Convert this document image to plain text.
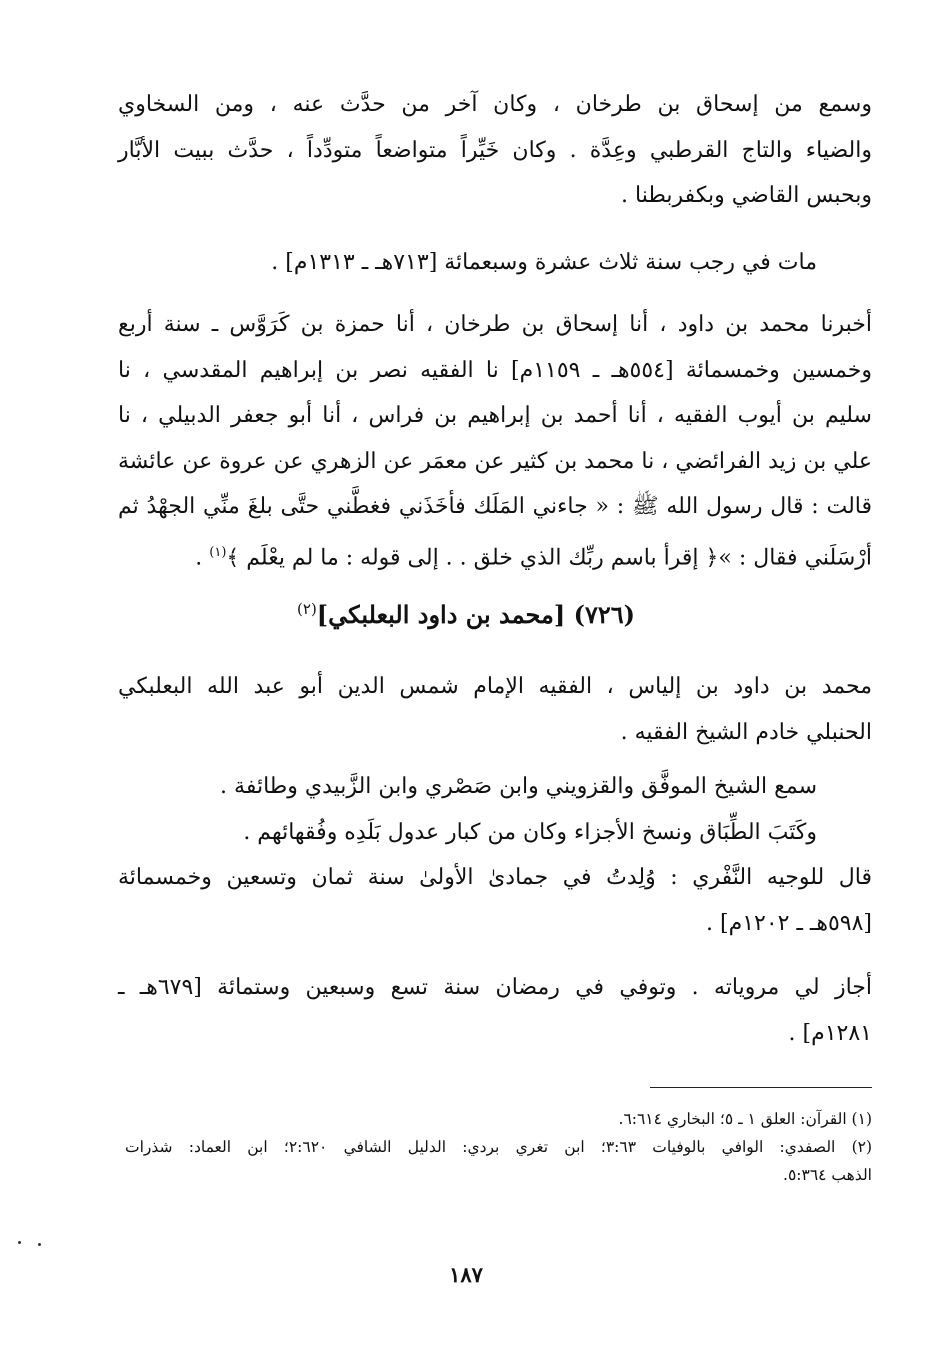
وسمع من إسحاق بن طرخان ، وكان آخر من حدَّث عنه ، ومن السخاوي
والضياء والتاج القرطبي وعِدَّة . وكان خَيِّراً متواضعاً متودِّداً ، حدَّث ببيت الأبَّار
وبحبس القاضي وبكفربطنا .

مات في رجب سنة ثلاث عشرة وسبعمائة [٧١٣هـ ـ ١٣١٣م] .

أخبرنا محمد بن داود ، أنا إسحاق بن طرخان ، أنا حمزة بن كَرَوَّس ـ سنة أربع
وخمسين وخمسمائة [٥٥٤هـ ـ ١١٥٩م] نا الفقيه نصر بن إبراهيم المقدسي ، نا
سليم بن أيوب الفقيه ، أنا أحمد بن إبراهيم بن فراس ، أنا أبو جعفر الدبيلي ، نا
علي بن زيد الفرائضي ، نا محمد بن كثير عن معمَر عن الزهري عن عروة عن عائشة
قالت : قال رسول الله ﷺ : « جاءني المَلَك فأخَذَني فغطَّني حتَّى بلغَ منِّي الجهْدُ ثم
أرْسَلَني فقال : »﴿ إقرأ باسم ربِّك الذي خلق . . إلى قوله : ما لم يعْلَم ﴾$^{(١)}$ .

(٧٢٦) [محمد بن داود البعلبكي]$^{(٢)}$

محمد بن داود بن إلياس ، الفقيه الإمام شمس الدين أبو عبد الله البعلبكي
الحنبلي خادم الشيخ الفقيه .

سمع الشيخ الموفَّق والقزويني وابن صَصْري وابن الزَّبيدي وطائفة .
وكَتَبَ الطِّبَاق ونسخ الأجزاء وكان من كبار عدول بَلَدِه وفُقهائهم .

قال للوجيه النَّفْري : وُلِدتُ في جمادىٰ الأولىٰ سنة ثمان وتسعين وخمسمائة
[٥٩٨هـ ـ ١٢٠٢م] .

أجاز لي مروياته . وتوفي في رمضان سنة تسع وسبعين وستمائة [٦٧٩هـ ـ
١٢٨١م] .

(١) القرآن: العلق ١ ـ ٥؛ البخاري ٦:٦١٤.
(٢) الصفدي: الوافي بالوفيات ٣:٦٣؛ ابن تغري بردي: الدليل الشافي ٢:٦٢٠؛ ابن العماد: شذرات
الذهب ٥:٣٦٤.
١٨٧
